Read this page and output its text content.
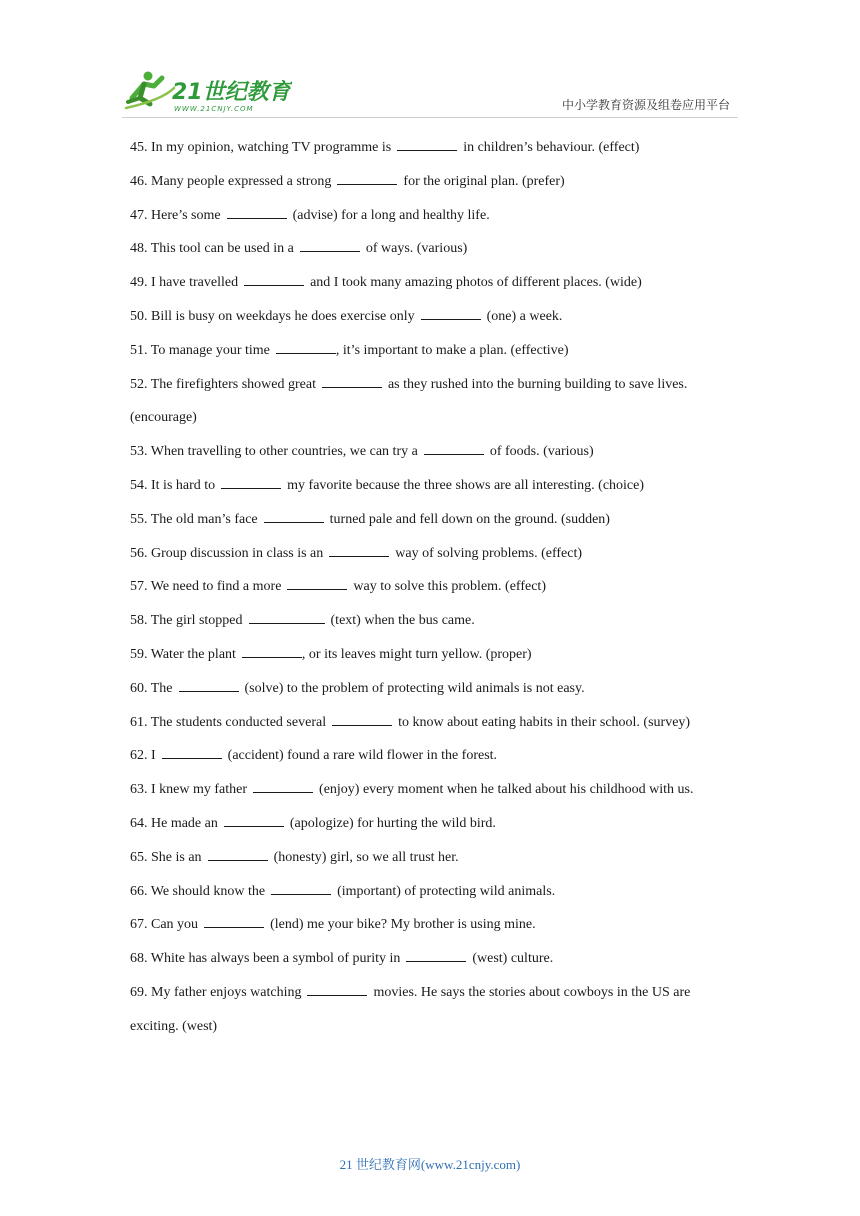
21世纪教育
WWW.21CNJY.COM	中小学教育资源及组卷应用平台

45. In my opinion, watching TV programme is	in children’s behaviour. (effect)

46. Many people expressed a strong	for the original plan. (prefer)

47. Here’s some	(advise) for a long and healthy life.

48. This tool can be used in a	of ways. (various)

49. I have travelled	and I took many amazing photos of different places. (wide)

50. Bill is busy on weekdays he does exercise only	(one) a week.

51. To manage your time	, it’s important to make a plan. (effective)

52. The firefighters showed great	as they rushed into the burning building to save lives. (encourage)

53. When travelling to other countries, we can try a	of foods. (various)

54. It is hard to	my favorite because the three shows are all interesting. (choice)

55. The old man’s face	turned pale and fell down on the ground. (sudden)

56. Group discussion in class is an	way of solving problems. (effect)

57. We need to find a more	way to solve this problem. (effect)

58. The girl stopped	(text) when the bus came.

59. Water the plant	, or its leaves might turn yellow. (proper)

60. The	(solve) to the problem of protecting wild animals is not easy.

61. The students conducted several	to know about eating habits in their school. (survey)

62. I	(accident) found a rare wild flower in the forest.

63. I knew my father	(enjoy) every moment when he talked about his childhood with us.

64. He made an	(apologize) for hurting the wild bird.

65. She is an	(honesty) girl, so we all trust her.

66. We should know the	(important) of protecting wild animals.

67. Can you	(lend) me your bike? My brother is using mine.

68. White has always been a symbol of purity in	(west) culture.

69. My father enjoys watching	movies. He says the stories about cowboys in the US are exciting. (west)

21 世纪教育网(www.21cnjy.com)
